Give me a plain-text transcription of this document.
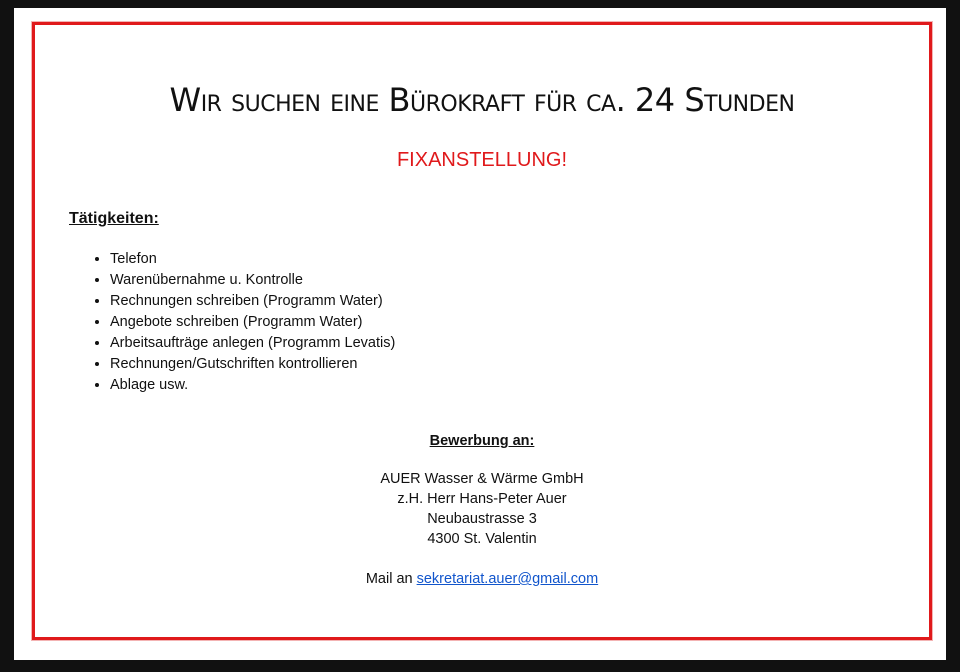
Wir suchen eine Bürokraft für ca. 24 Stunden
FIXANSTELLUNG!
Tätigkeiten:
• Telefon
• Warenübernahme u. Kontrolle
• Rechnungen schreiben (Programm Water)
• Angebote schreiben (Programm Water)
• Arbeitsaufträge anlegen (Programm Levatis)
• Rechnungen/Gutschriften kontrollieren
• Ablage usw.
Bewerbung an:
AUER Wasser & Wärme GmbH
z.H. Herr Hans-Peter Auer
Neubaustrasse 3
4300 St. Valentin
Mail an sekretariat.auer@gmail.com
